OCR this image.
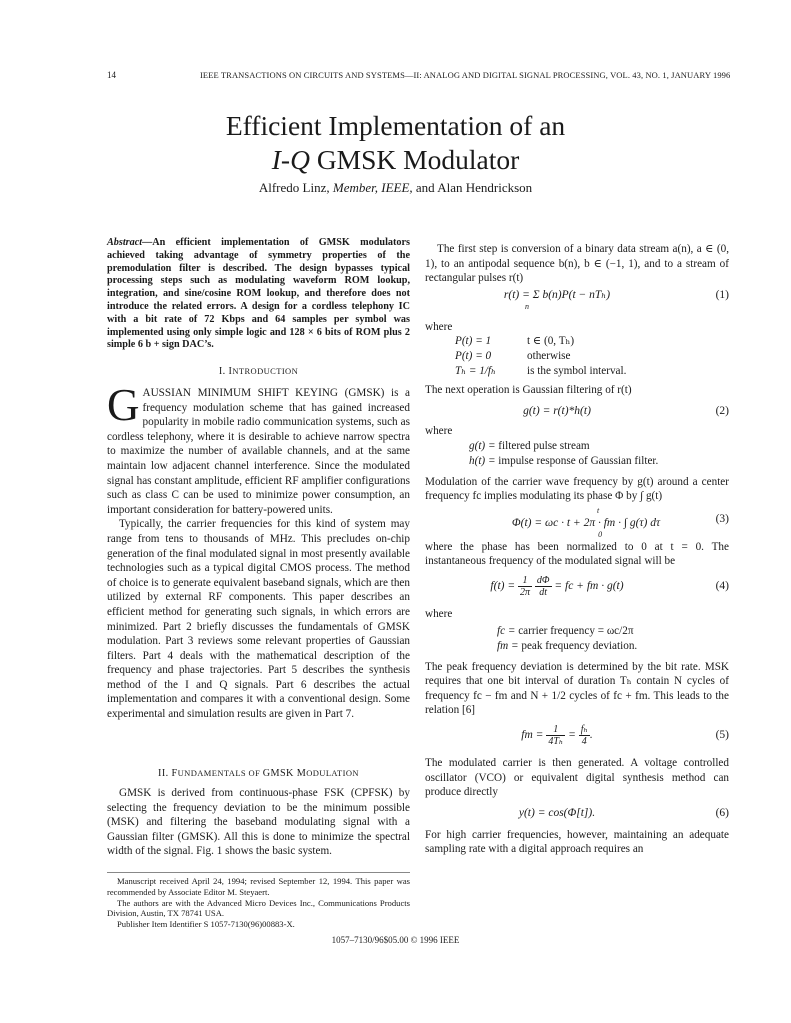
14	IEEE TRANSACTIONS ON CIRCUITS AND SYSTEMS—II: ANALOG AND DIGITAL SIGNAL PROCESSING, VOL. 43, NO. 1, JANUARY 1996
Efficient Implementation of an
I-Q GMSK Modulator
Alfredo Linz, Member, IEEE, and Alan Hendrickson
Abstract—An efficient implementation of GMSK modulators achieved taking advantage of symmetry properties of the premodulation filter is described. The design bypasses typical processing steps such as modulating waveform ROM lookup, integration, and sine/cosine ROM lookup, and therefore does not introduce the related errors. A design for a cordless telephony IC with a bit rate of 72 Kbps and 64 samples per symbol was implemented using only simple logic and 128 × 6 bits of ROM plus 2 simple 6 b + sign DAC’s.
I. INTRODUCTION

GAUSSIAN MINIMUM SHIFT KEYING (GMSK) is a frequency modulation scheme that has gained increased popularity in mobile radio communication systems, such as cordless telephony, where it is desirable to achieve narrow spectra to maximize the number of available channels, and at the same maintain low adjacent channel interference. Since the modulated signal has constant amplitude, efficient RF amplifier configurations such as class C can be used to minimize power consumption, an important consideration for battery-powered units.

Typically, the carrier frequencies for this kind of system may range from tens to thousands of MHz. This precludes on-chip generation of the final modulated signal in most presently available technologies such as a typical digital CMOS process. The method of choice is to generate equivalent baseband signals, which are then utilized by external RF components. This paper describes an efficient method for generating such signals, in which errors are minimized. Part 2 briefly discusses the fundamentals of GMSK modulation. Part 3 reviews some relevant properties of Gaussian filters. Part 4 deals with the mathematical description of the frequency and phase trajectories. Part 5 describes the synthesis method of the I and Q signals. Part 6 describes the actual implementation and compares it with a conventional design. Some experimental and simulation results are given in Part 7.

II. FUNDAMENTALS OF GMSK MODULATION

GMSK is derived from continuous-phase FSK (CPFSK) by selecting the frequency deviation to be the minimum possible (MSK) and filtering the baseband modulating signal with a Gaussian filter (GMSK). All this is done to minimize the spectral width of the signal. Fig. 1 shows the basic system.

Manuscript received April 24, 1994; revised September 12, 1994. This paper was recommended by Associate Editor M. Steyaert.

The authors are with the Advanced Micro Devices Inc., Communications Products Division, Austin, TX 78741 USA.

Publisher Item Identifier S 1057-7130(96)00883-X.

The first step is conversion of a binary data stream a(n), a ∈ (0, 1), to an antipodal sequence b(n), b ∈ (−1, 1), and to a stream of rectangular pulses r(t)

r(t) = Σ b(n)P(t − nTₕ)
n
(1)
where
P(t) = 1	t ∈ (0, Tₕ)
P(t) = 0	otherwise
Tₕ = 1/fₕ	is the symbol interval.
The next operation is Gaussian filtering of r(t)
g(t) = r(t)*h(t)	(2)
where
g(t) = filtered pulse stream
h(t) = impulse response of Gaussian filter.

Modulation of the carrier wave frequency by g(t) around a center frequency fc implies modulating its phase Φ by ∫ g(t)

Φ(t) = ωc · t + 2π · fm · ∫ g(τ) dτ $^t$ $_0$
(3)

where the phase has been normalized to 0 at t = 0. The instantaneous frequency of the modulated signal will be

$f(t) = \frac{1}{2\pi}$
$\frac{d\Phi}{dt}$ = fc + fm · g(t)	(4)
where
fc = carrier frequency = ωc/2π
fm = peak frequency deviation.

The peak frequency deviation is determined by the bit rate. MSK requires that one bit interval of duration Tₕ contain N cycles of frequency fc − fm and N + 1/2 cycles of fc + fm. This leads to the relation [6]

fm = $\frac{1}{\text{4Tₕ}} = \frac{\text{fₕ}}{4}$ .	(5)

The modulated carrier is then generated. A voltage controlled oscillator (VCO) or equivalent digital synthesis method can produce directly

y(t) = cos(Φ[t]).	(6)

For high carrier frequencies, however, maintaining an adequate sampling rate with a digital approach requires an

1057–7130/96$05.00 © 1996 IEEE
